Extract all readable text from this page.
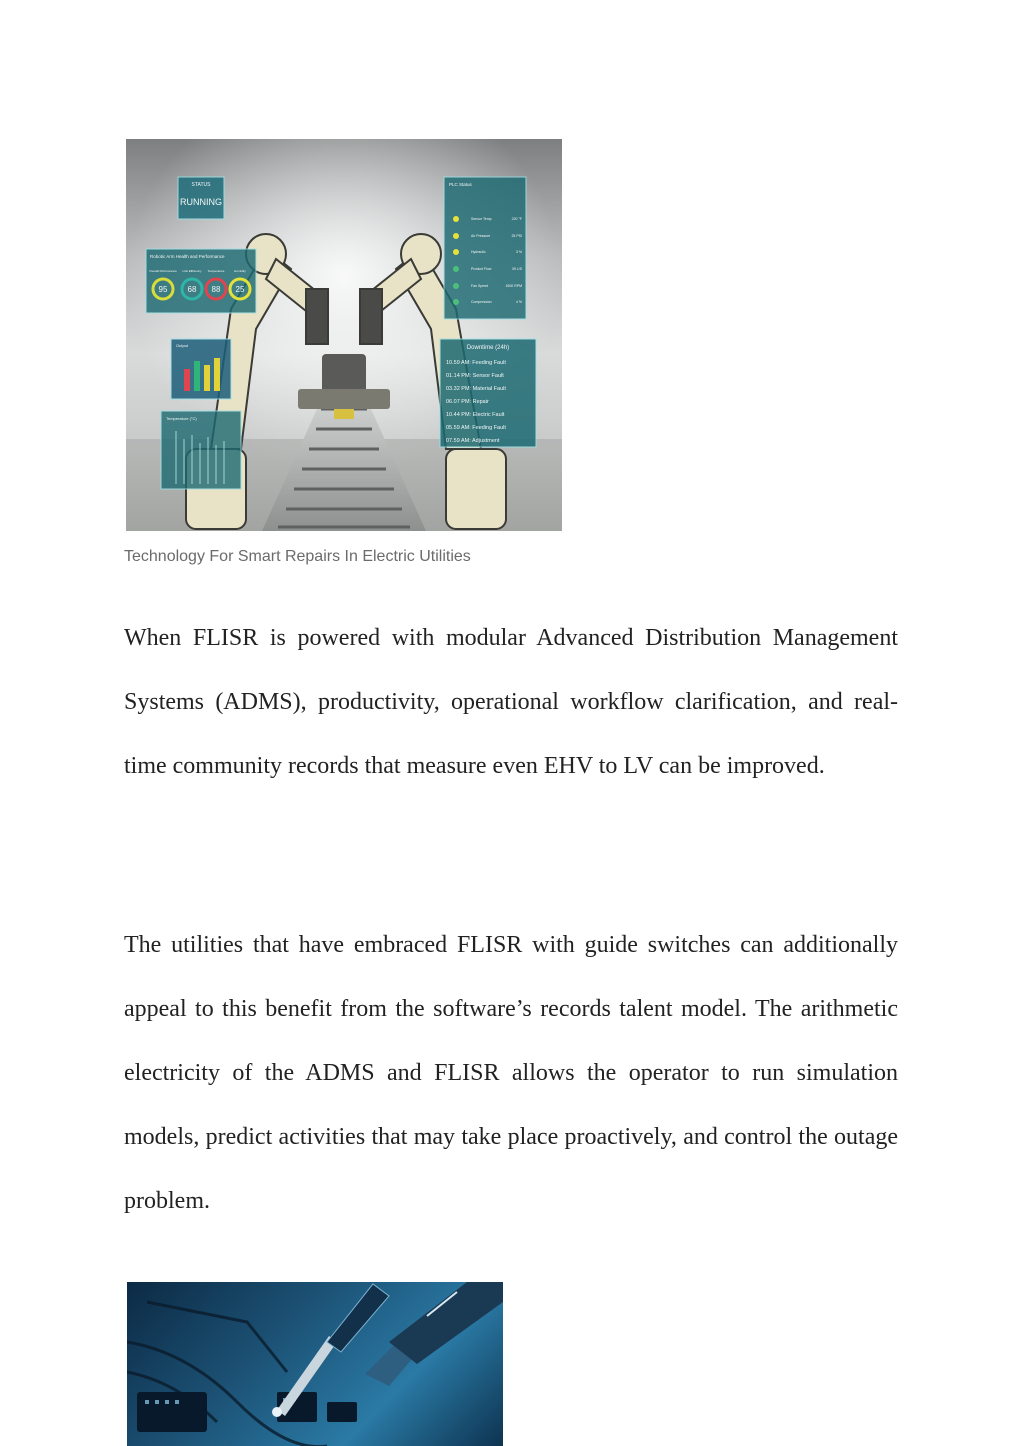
STATUS
RUNNING
Robotic Arm Health and Performance
95	68 88 25
Overall Performance Link Efficiency Temperature	Humidity
Output
Temperature (°C)
PLC Status
Sensor Temp
Air Pressure
Hydraulic
Product Flow
Fan Speed
Compression
220 °F
25 PSI
3 %
39 L/S
1500 RPM
4 %
Downtime (24h)
10.59 AM: Feeding Fault
01.14 PM: Sensor Fault
03.32 PM: Material Fault
06.07 PM: Repair
10.44 PM: Electric Fault
05.59 AM: Feeding Fault
07.59 AM: Adjustment
Technology For Smart Repairs In Electric Utilities

When FLISR is powered with modular Advanced Distribution Management Systems (ADMS), productivity, operational workflow clarification, and real-time community records that measure even EHV to LV can be improved.

The utilities that have embraced FLISR with guide switches can additionally appeal to this benefit from the software’s records talent model. The arithmetic electricity of the ADMS and FLISR allows the operator to run simulation models, predict activities that may take place proactively, and control the outage problem.
